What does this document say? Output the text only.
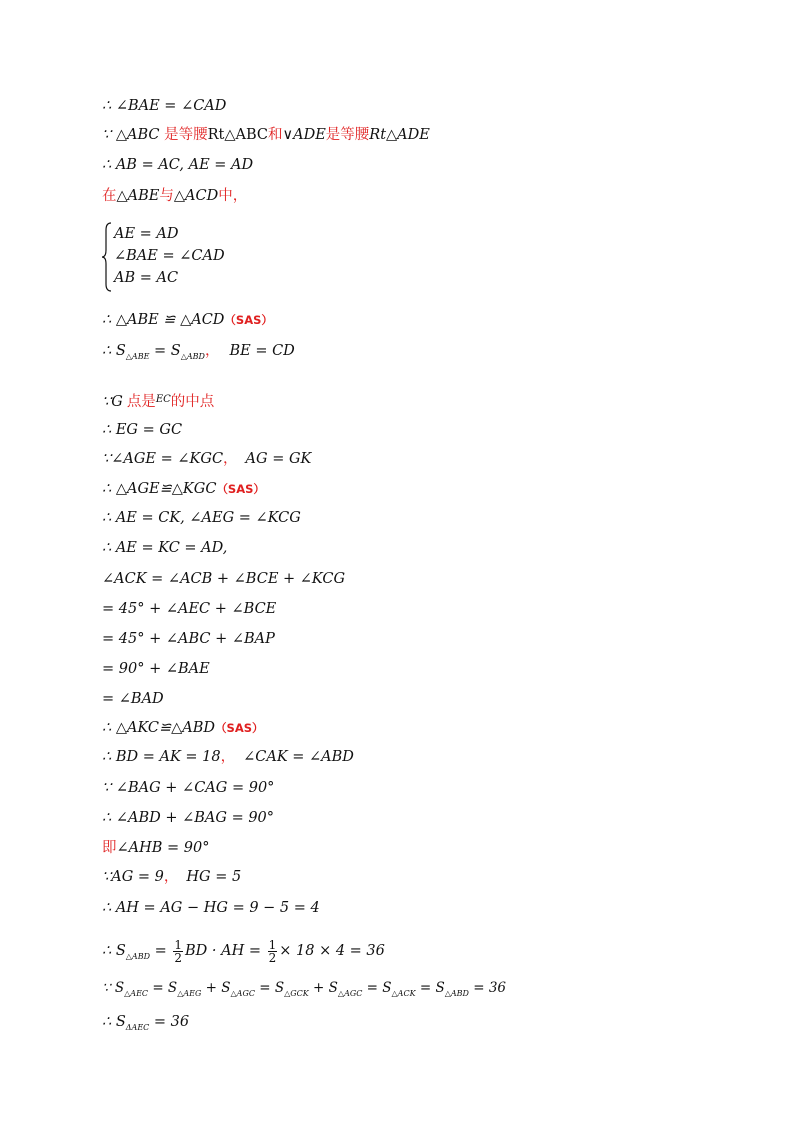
∴ ∠BAE = ∠CAD
∵ △ABC 是等腰Rt△ABC和∨ADE是等腰Rt△ADE
∴ AB = AC, AE = AD
在△ABE与△ACD中，
AE = AD
∠BAE = ∠CAD
AB = AC
∴ △ABE ≌ △ACD（SAS）
∴ $S_{\triangle ABE} = S_{\triangle ABD}$， BE = CD
∵G 点是$^{EC}$的中点
∴ EG = GC
∵∠AGE = ∠KGC， AG = GK
∴ △AGE≌△KGC（SAS）
∴ AE = CK, ∠AEG = ∠KCG
∴ AE = KC = AD,
∠ACK = ∠ACB + ∠BCE + ∠KCG
= 45° + ∠AEC + ∠BCE
= 45° + ∠ABC + ∠BAP
= 90° + ∠BAE
= ∠BAD
∴ △AKC≌△ABD（SAS）
∴ BD = AK = 18， ∠CAK = ∠ABD
∵ ∠BAG + ∠CAG = 90°
∴ ∠ABD + ∠BAG = 90°
即∠AHB = 90°
∵AG = 9， HG = 5
∴ AH = AG − HG = 9 − 5 = 4
∴ $S_{\triangle ABD} = \frac{1}{2}$ BD · AH = $\frac{1}{2} \times 18 \times 4 = 36$
∵ $S_{\triangle AEC} = S_{\triangle AEG} + S_{\triangle AGC} = S_{\triangle GCK} + S_{\triangle AGC} = S_{\triangle ACK} = S_{\triangle ABD} = 36$
∴ $S_{\Delta AEC} = 36$
